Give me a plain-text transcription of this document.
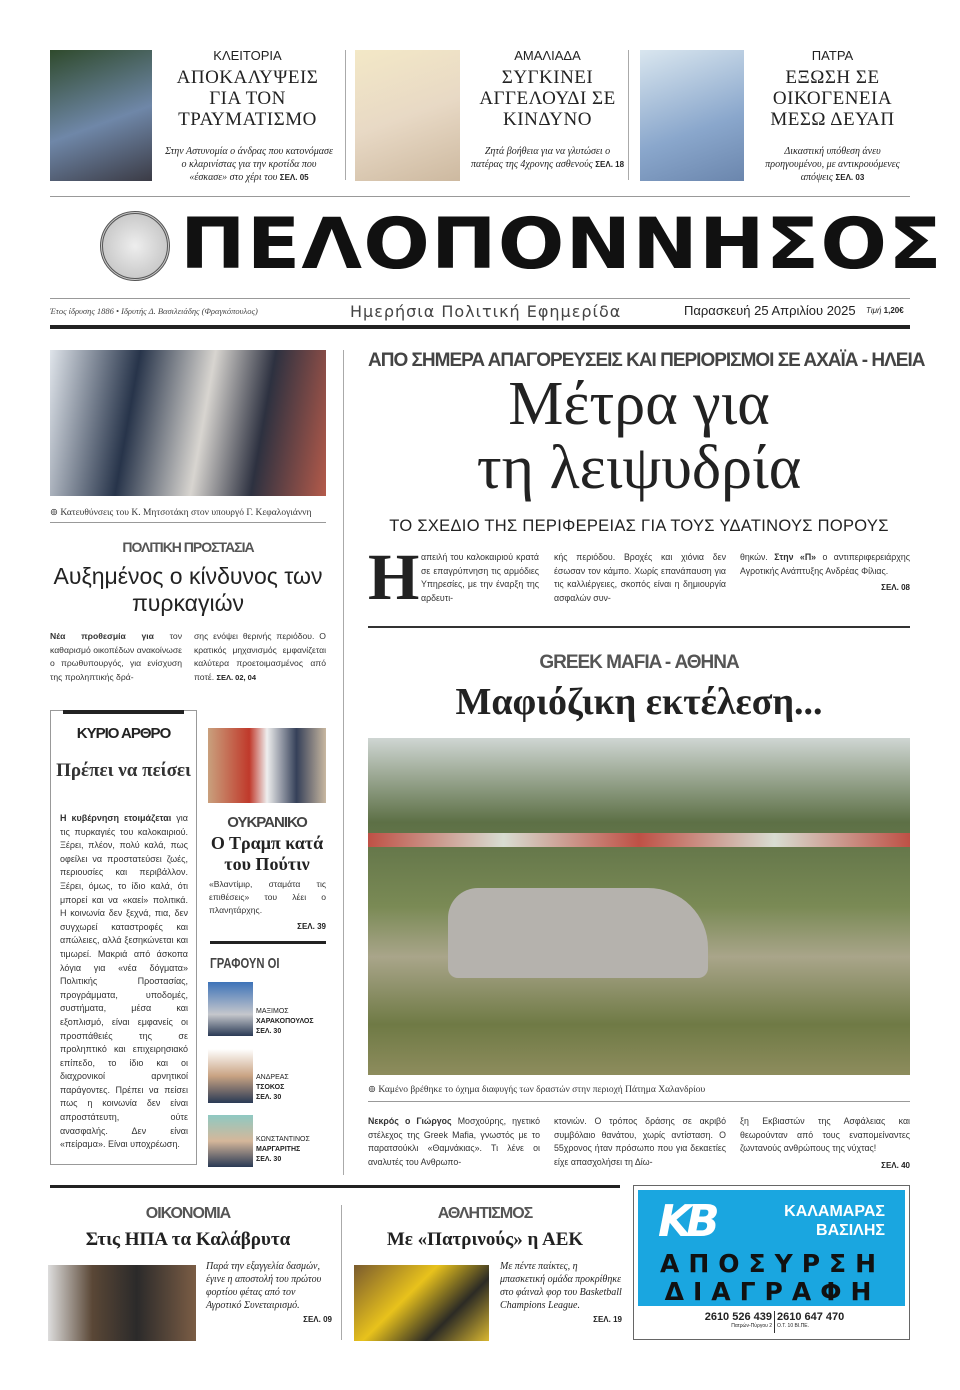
ΚΛΕΙΤΟΡΙΑ
ΑΠΟΚΑΛΥΨΕΙΣ ΓΙΑ ΤΟΝ ΤΡΑΥΜΑΤΙΣΜΟ
Στην Αστυνομία ο άνδρας που κατονόμασε ο κλαρινίστας για την κροτίδα που «έσκασε» στο χέρι του ΣΕΛ. 05
ΑΜΑΛΙΑΔΑ
ΣΥΓΚΙΝΕΙ ΑΓΓΕΛΟΥΔΙ ΣΕ ΚΙΝΔΥΝΟ
Ζητά βοήθεια για να γλυτώσει ο πατέρας της 4χρονης ασθενούς ΣΕΛ. 18
ΠΑΤΡΑ
ΕΞΩΣΗ ΣΕ ΟΙΚΟΓΕΝΕΙΑ ΜΕΣΩ ΔΕΥΑΠ
Δικαστική υπόθεση άνευ προηγουμένου, με αντικρουόμενες απόψεις ΣΕΛ. 03
ΠΕΛΟΠΟΝΝΗΣΟΣ
Έτος ίδρυσης 1886 • Ιδρυτής Δ. Βασιλειάδης (Φραγκόπουλος)	Ημερήσια Πολιτική Εφημερίδα	Παρασκευή 25 Απριλίου 2025 Τιμή 1,20€
⊚ Κατευθύνσεις του Κ. Μητσοτάκη στον υπουργό Γ. Κεφαλογιάννη
ΠΟΛΙΤΙΚΗ ΠΡΟΣΤΑΣΙΑ
Αυξημένος ο κίνδυνος των πυρκαγιών
Νέα προθεσμία για τον καθαρισμό οικοπέδων ανακοίνωσε ο πρωθυπουργός, για ενίσχυση της προληπτικής δρά-
σης ενόψει θερινής περιόδου. Ο κρατικός μηχανισμός εμφανίζεται καλύτερα προετοιμασμένος από ποτέ. ΣΕΛ. 02, 04
ΚΥΡΙΟ ΑΡΘΡΟ
Πρέπει να πείσει
Η κυβέρνηση ετοιμάζεται για τις πυρκαγιές του καλοκαιριού. Ξέρει, πλέον, πολύ καλά, πως οφείλει να προστατεύσει ζωές, περιουσίες και περιβάλλον. Ξέρει, όμως, το ίδιο καλά, ότι μπορεί και να «καεί» πολιτικά. Η κοινωνία δεν ξεχνά, πια, δεν συγχωρεί καταστροφές και απώλειες, αλλά ξεσηκώνεται και τιμωρεί. Μακριά από άσκοπα λόγια για «νέα δόγματα» Πολιτικής Προστασίας, προγράμματα, υποδομές, συστήματα, μέσα και εξοπλισμό, είναι εμφανείς οι προσπάθειές της σε προληπτικό και επιχειρησιακό επίπεδο, το ίδιο και οι διαχρονικοί αρνητικοί παράγοντες. Πρέπει να πείσει πως η κοινωνία δεν είναι απροστάτευτη, ούτε ανασφαλής. Δεν είναι «πείραμα». Είναι υποχρέωση.
ΟΥΚΡΑΝΙΚΟ
Ο Τραμπ κατά του Πούτιν
«Βλαντίμιρ, σταμάτα τις επιθέσεις» του λέει ο πλανητάρχης.
ΣΕΛ. 39
ΓΡΑΦΟΥΝ ΟΙ
ΜΑΞΙΜΟΣ
ΧΑΡΑΚΟΠΟΥΛΟΣ
ΣΕΛ. 30
ΑΝΔΡΕΑΣ
ΤΣΟΚΟΣ
ΣΕΛ. 30
ΚΩΝΣΤΑΝΤΙΝΟΣ
ΜΑΡΓΑΡΙΤΗΣ
ΣΕΛ. 30
ΑΠΟ ΣΗΜΕΡΑ ΑΠΑΓΟΡΕΥΣΕΙΣ ΚΑΙ ΠΕΡΙΟΡΙΣΜΟΙ ΣΕ ΑΧΑΪΑ - ΗΛΕΙΑ
Μέτρα για
τη λειψυδρία
ΤΟ ΣΧΕΔΙΟ ΤΗΣ ΠΕΡΙΦΕΡΕΙΑΣ ΓΙΑ ΤΟΥΣ ΥΔΑΤΙΝΟΥΣ ΠΟΡΟΥΣ
Η απειλή του καλοκαιριού κρατά σε επαγρύπνηση τις αρμόδιες Υπηρεσίες, με την έναρξη της αρδευτι-
κής περιόδου. Βροχές και χιόνια δεν έσωσαν τον κάμπο. Χωρίς επανάπαυση για τις καλλιέργειες, σκοπός είναι η δημιουργία ασφαλών συν-
θηκών. Στην «Π» ο αντιπεριφερειάρχης Αγροτικής Ανάπτυξης Ανδρέας Φίλιας.
ΣΕΛ. 08
GREEK MAFIA - ΑΘΗΝΑ
Μαφιόζικη εκτέλεση...
⊚ Καμένο βρέθηκε το όχημα διαφυγής των δραστών στην περιοχή Πάτημα Χαλανδρίου
Νεκρός ο Γιώργος Μοσχούρης, ηγετικό στέλεχος της Greek Mafia, γνωστός με το παρατσούκλι «Θαμνάκιας». Τι λένε οι αναλυτές του Ανθρωπο-
κτονιών. Ο τρόπος δράσης σε ακριβό συμβόλαιο θανάτου, χωρίς αντίσταση. Ο 55χρονος ήταν πρόσωπο που για δεκαετίες είχε απασχολήσει τη Δίω-
ξη Εκβιαστών της Ασφάλειας και θεωρούνταν από τους εναπομείναντες ζωντανούς ανθρώπους της νύχτας!
ΣΕΛ. 40
ΟΙΚΟΝΟΜΙΑ
Στις ΗΠΑ τα Καλάβρυτα
Παρά την εξαγγελία δασμών, έγινε η αποστολή του πρώτου φορτίου φέτας από τον Αγροτικό Συνεταιρισμό.
ΣΕΛ. 09
ΑΘΛΗΤΙΣΜΟΣ
Με «Πατρινούς» η ΑΕΚ
Με πέντε παίκτες, η μπασκετική ομάδα προκρίθηκε στο φάιναλ φορ του Basketball Champions League.
ΣΕΛ. 19
KB	ΚΑΛΑΜΑΡΑΣ
ΒΑΣΙΛΗΣ
ΑΠΟΣΥΡΣΗ
ΔΙΑΓΡΑΦΗ
2610 526 439
Πατρών-Πύργου 2
2610 647 470
Ο.Τ. 10 ΒΙ.ΠΕ.
